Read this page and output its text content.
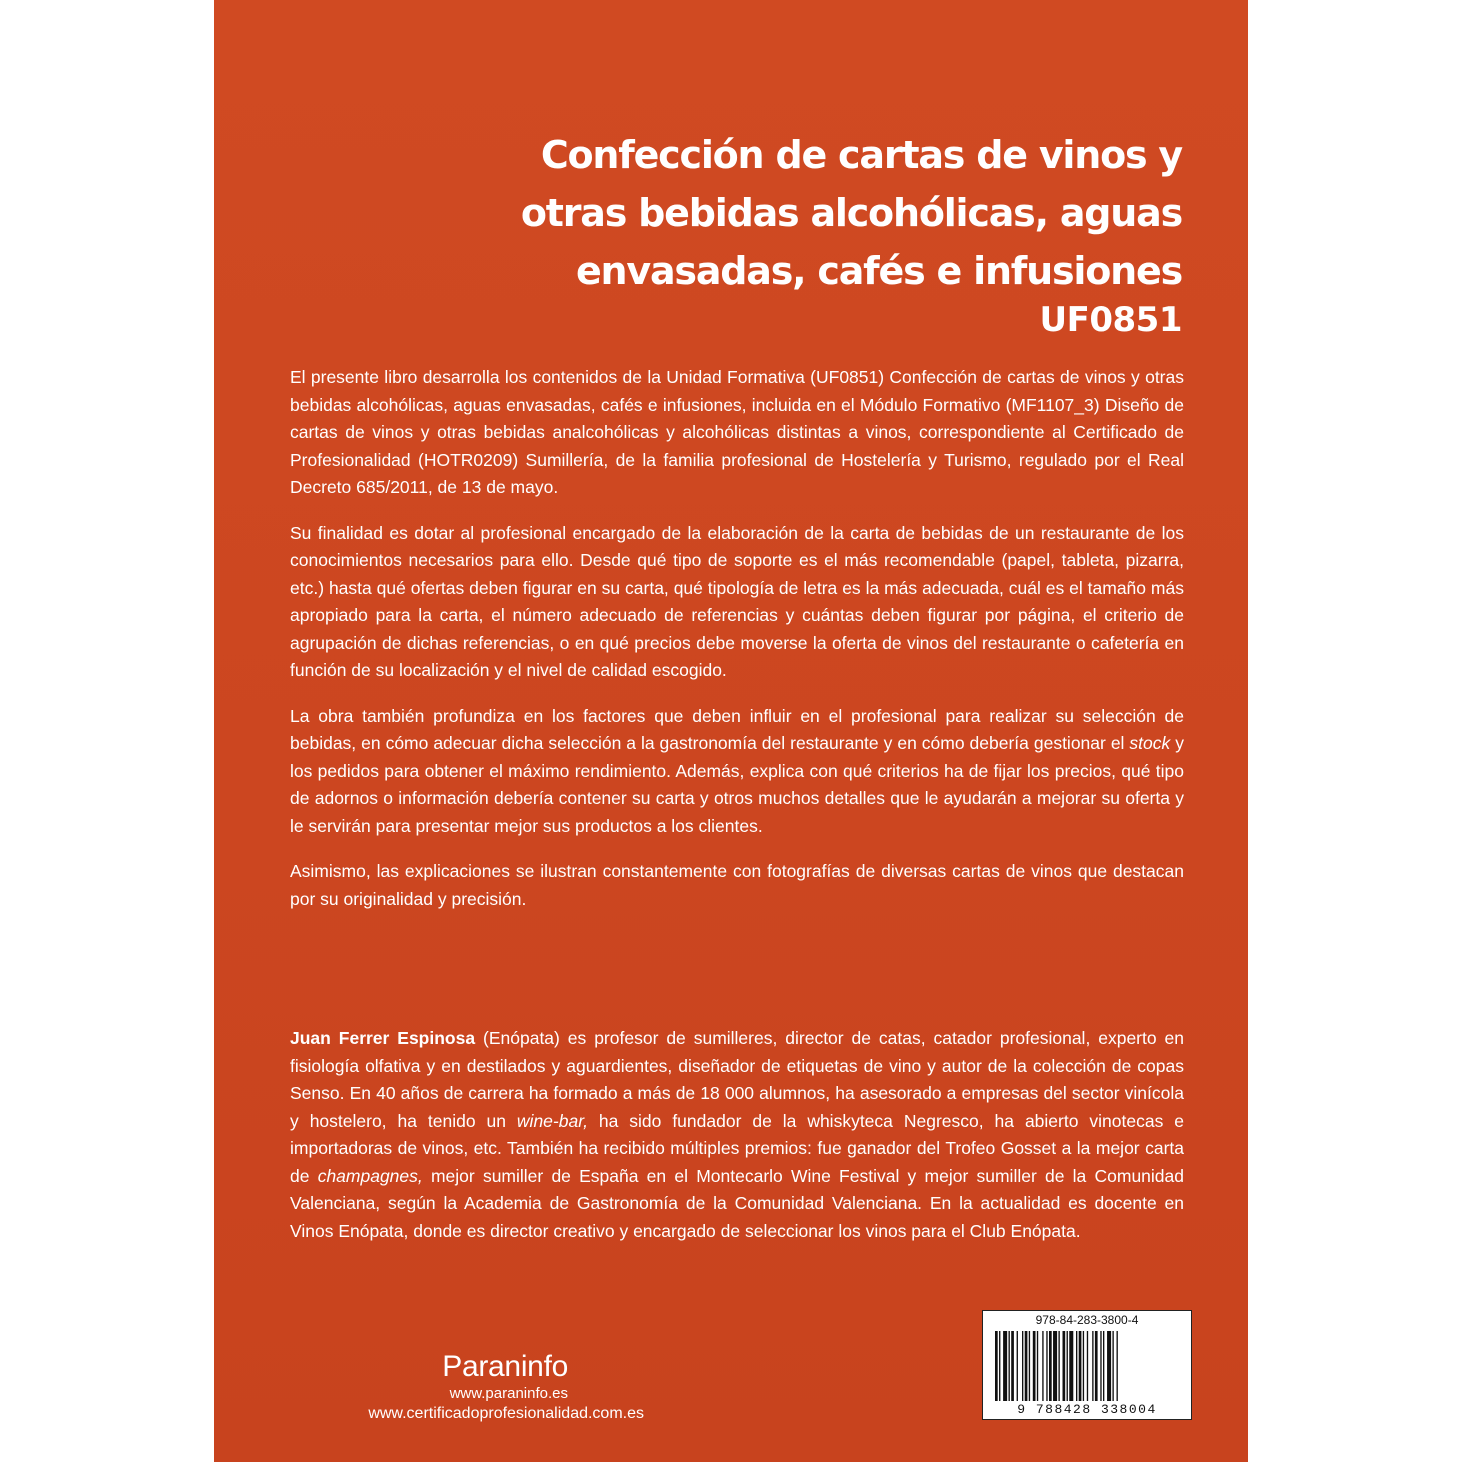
Confección de cartas de vinos y
otras bebidas alcohólicas, aguas
envasadas, cafés e infusiones
UF0851

El presente libro desarrolla los contenidos de la Unidad Formativa (UF0851) Confección de cartas de vinos y otras bebidas alcohólicas, aguas envasadas, cafés e infusiones, incluida en el Módulo Formativo (MF1107_3) Diseño de cartas de vinos y otras bebidas analcohólicas y alcohólicas distintas a vinos, correspondiente al Certificado de Profesionalidad (HOTR0209) Sumillería, de la familia profesional de Hostelería y Turismo, regulado por el Real Decreto 685/2011, de 13 de mayo.

Su finalidad es dotar al profesional encargado de la elaboración de la carta de bebidas de un restaurante de los conocimientos necesarios para ello. Desde qué tipo de soporte es el más recomendable (papel, tableta, pizarra, etc.) hasta qué ofertas deben figurar en su carta, qué tipología de letra es la más adecuada, cuál es el tamaño más apropiado para la carta, el número adecuado de referencias y cuántas deben figurar por página, el criterio de agrupación de dichas referencias, o en qué precios debe moverse la oferta de vinos del restaurante o cafetería en función de su localización y el nivel de calidad escogido.

La obra también profundiza en los factores que deben influir en el profesional para realizar su selección de bebidas, en cómo adecuar dicha selección a la gastronomía del restaurante y en cómo debería gestionar el stock y los pedidos para obtener el máximo rendimiento. Además, explica con qué criterios ha de fijar los precios, qué tipo de adornos o información debería contener su carta y otros muchos detalles que le ayudarán a mejorar su oferta y le servirán para presentar mejor sus productos a los clientes.

Asimismo, las explicaciones se ilustran constantemente con fotografías de diversas cartas de vinos que destacan por su originalidad y precisión.

Juan Ferrer Espinosa (Enópata) es profesor de sumilleres, director de catas, catador profesional, experto en fisiología olfativa y en destilados y aguardientes, diseñador de etiquetas de vino y autor de la colección de copas Senso. En 40 años de carrera ha formado a más de 18 000 alumnos, ha asesorado a empresas del sector vinícola y hostelero, ha tenido un wine-bar, ha sido fundador de la whiskyteca Negresco, ha abierto vinotecas e importadoras de vinos, etc. También ha recibido múltiples premios: fue ganador del Trofeo Gosset a la mejor carta de champagnes, mejor sumiller de España en el Montecarlo Wine Festival y mejor sumiller de la Comunidad Valenciana, según la Academia de Gastronomía de la Comunidad Valenciana. En la actualidad es docente en Vinos Enópata, donde es director creativo y encargado de seleccionar los vinos para el Club Enópata.

Paraninfo
www.paraninfo.es
www.certificadoprofesionalidad.com.es
978-84-283-3800-4
9 788428 338004
